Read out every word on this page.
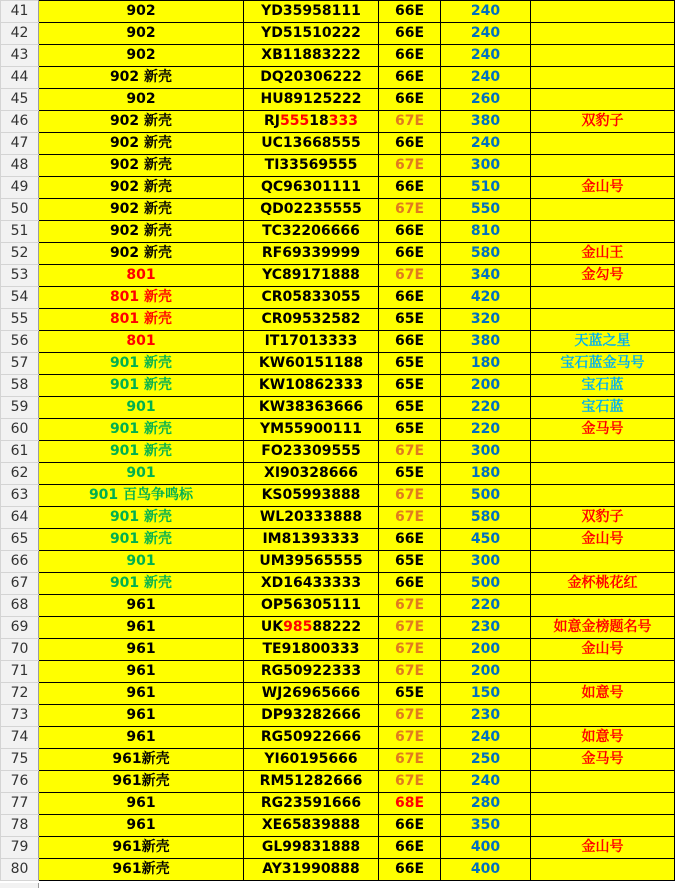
41	902	YD35958111	66E	240	
42	902	YD51510222	66E	240	
43	902	XB11883222	66E	240	
44	902 新壳	DQ20306222	66E	240	
45	902	HU89125222	66E	260	
46	902 新壳	RJ55518333	67E	380	双豹子
47	902 新壳	UC13668555	66E	240	
48	902 新壳	TI33569555	67E	300	
49	902 新壳	QC96301111	66E	510	金山号
50	902 新壳	QD02235555	67E	550	
51	902 新壳	TC32206666	66E	810	
52	902 新壳	RF69339999	66E	580	金山王
53	801	YC89171888	67E	340	金勾号
54	801 新壳	CR05833055	66E	420	
55	801 新壳	CR09532582	65E	320	
56	801	IT17013333	66E	380	天蓝之星
57	901 新壳	KW60151188	65E	180	宝石蓝金马号
58	901 新壳	KW10862333	65E	200	宝石蓝
59	901	KW38363666	65E	220	宝石蓝
60	901 新壳	YM55900111	65E	220	金马号
61	901 新壳	FO23309555	67E	300	
62	901	XI90328666	65E	180	
63	901 百鸟争鸣标	KS05993888	67E	500	
64	901 新壳	WL20333888	67E	580	双豹子
65	901 新壳	IM81393333	66E	450	金山号
66	901	UM39565555	65E	300	
67	901 新壳	XD16433333	66E	500	金杯桃花红
68	961	OP56305111	67E	220	
69	961	UK98588222	67E	230	如意金榜题名号
70	961	TE91800333	67E	200	金山号
71	961	RG50922333	67E	200	
72	961	WJ26965666	65E	150	如意号
73	961	DP93282666	67E	230	
74	961	RG50922666	67E	240	如意号
75	961新壳	YI60195666	67E	250	金马号
76	961新壳	RM51282666	67E	240	
77	961	RG23591666	68E	280	
78	961	XE65839888	66E	350	
79	961新壳	GL99831888	66E	400	金山号
80	961新壳	AY31990888	66E	400	
